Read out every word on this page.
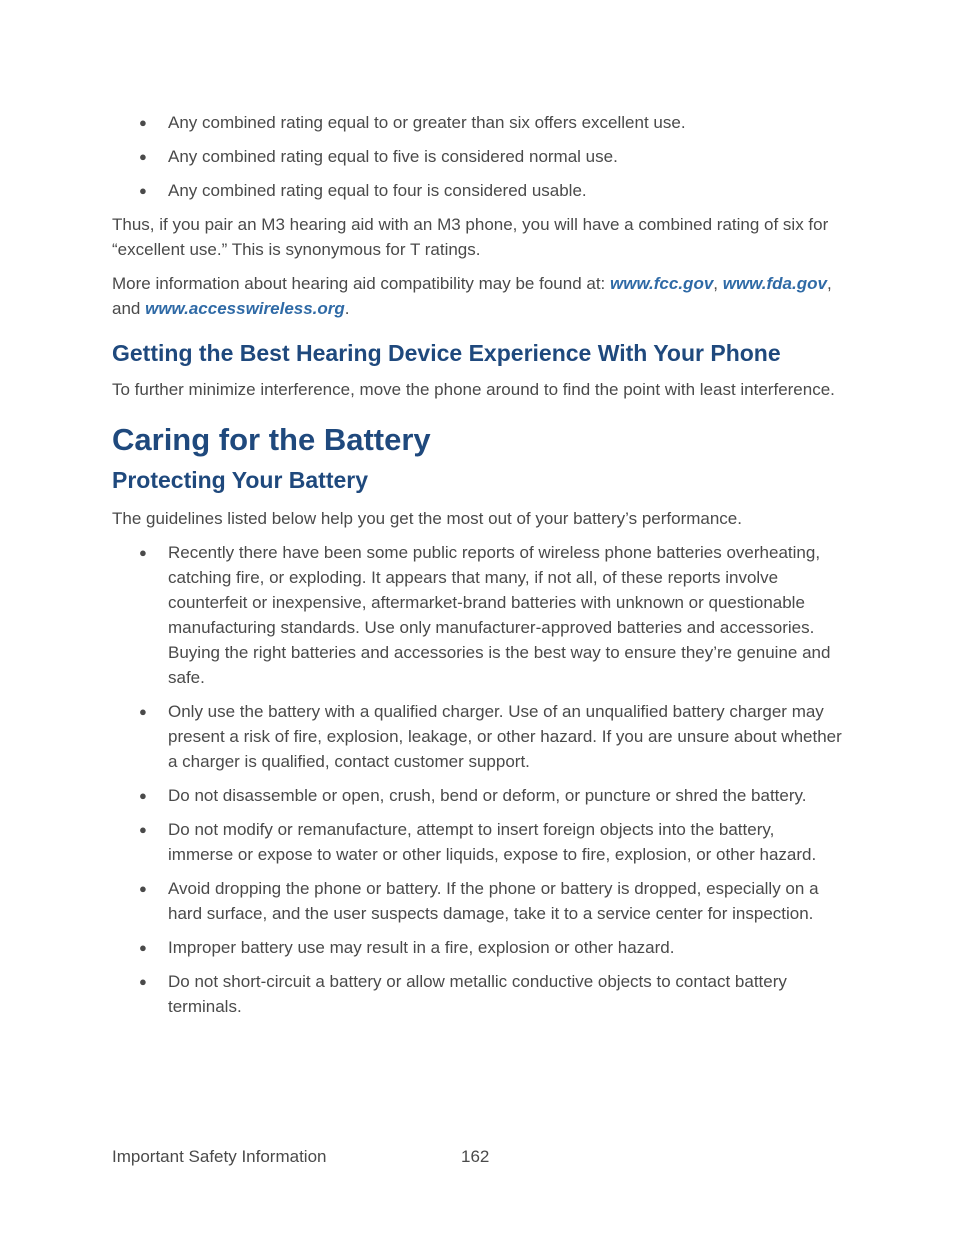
● Any combined rating equal to or greater than six offers excellent use.
● Any combined rating equal to five is considered normal use.
● Any combined rating equal to four is considered usable.

Thus, if you pair an M3 hearing aid with an M3 phone, you will have a combined rating of six for “excellent use.” This is synonymous for T ratings.

More information about hearing aid compatibility may be found at: www.fcc.gov, www.fda.gov, and www.accesswireless.org.

Getting the Best Hearing Device Experience With Your Phone

To further minimize interference, move the phone around to find the point with least interference.

Caring for the Battery
Protecting Your Battery

The guidelines listed below help you get the most out of your battery’s performance.

● Recently there have been some public reports of wireless phone batteries overheating, catching fire, or exploding. It appears that many, if not all, of these reports involve counterfeit or inexpensive, aftermarket-brand batteries with unknown or questionable manufacturing standards. Use only manufacturer-approved batteries and accessories. Buying the right batteries and accessories is the best way to ensure they’re genuine and safe.
● Only use the battery with a qualified charger. Use of an unqualified battery charger may present a risk of fire, explosion, leakage, or other hazard. If you are unsure about whether a charger is qualified, contact customer support.
● Do not disassemble or open, crush, bend or deform, or puncture or shred the battery.
● Do not modify or remanufacture, attempt to insert foreign objects into the battery, immerse or expose to water or other liquids, expose to fire, explosion, or other hazard.
● Avoid dropping the phone or battery. If the phone or battery is dropped, especially on a hard surface, and the user suspects damage, take it to a service center for inspection.
● Improper battery use may result in a fire, explosion or other hazard.
● Do not short-circuit a battery or allow metallic conductive objects to contact battery terminals.
Important Safety Information	162
